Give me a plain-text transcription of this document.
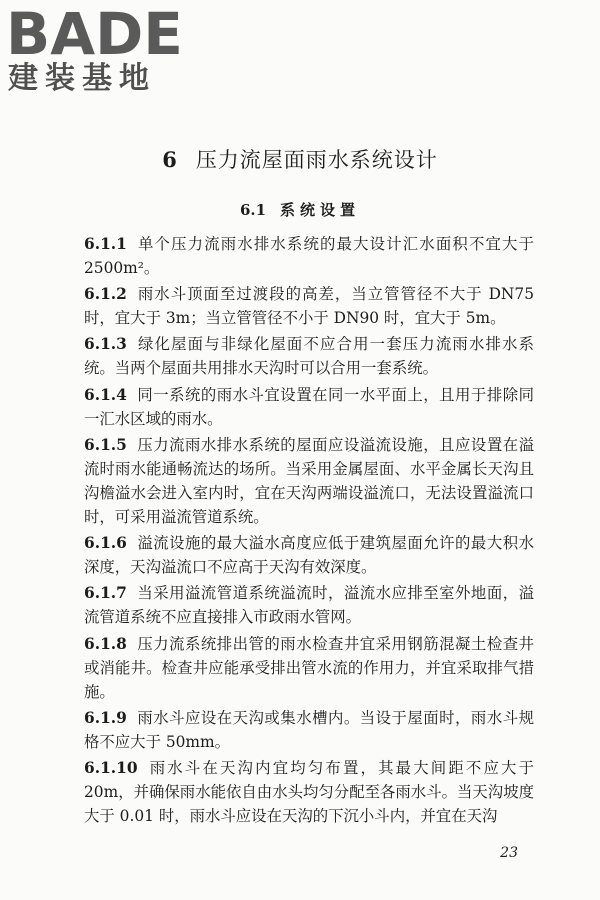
BADE
建装基地
6 压力流屋面雨水系统设计
6.1 系统设置

6.1.1 单个压力流雨水排水系统的最大设计汇水面积不宜大于 2500m²。

6.1.2 雨水斗顶面至过渡段的高差，当立管管径不大于 DN75 时，宜大于 3m；当立管管径不小于 DN90 时，宜大于 5m。

6.1.3 绿化屋面与非绿化屋面不应合用一套压力流雨水排水系统。当两个屋面共用排水天沟时可以合用一套系统。

6.1.4 同一系统的雨水斗宜设置在同一水平面上，且用于排除同一汇水区域的雨水。

6.1.5 压力流雨水排水系统的屋面应设溢流设施，且应设置在溢流时雨水能通畅流达的场所。当采用金属屋面、水平金属长天沟且沟檐溢水会进入室内时，宜在天沟两端设溢流口，无法设置溢流口时，可采用溢流管道系统。

6.1.6 溢流设施的最大溢水高度应低于建筑屋面允许的最大积水深度，天沟溢流口不应高于天沟有效深度。

6.1.7 当采用溢流管道系统溢流时，溢流水应排至室外地面，溢流管道系统不应直接排入市政雨水管网。

6.1.8 压力流系统排出管的雨水检查井宜采用钢筋混凝土检查井或消能井。检查井应能承受排出管水流的作用力，并宜采取排气措施。

6.1.9 雨水斗应设在天沟或集水槽内。当设于屋面时，雨水斗规格不应大于 50mm。

6.1.10 雨水斗在天沟内宜均匀布置，其最大间距不应大于 20m，并确保雨水能依自由水头均匀分配至各雨水斗。当天沟坡度大于 0.01 时，雨水斗应设在天沟的下沉小斗内，并宜在天沟

23
